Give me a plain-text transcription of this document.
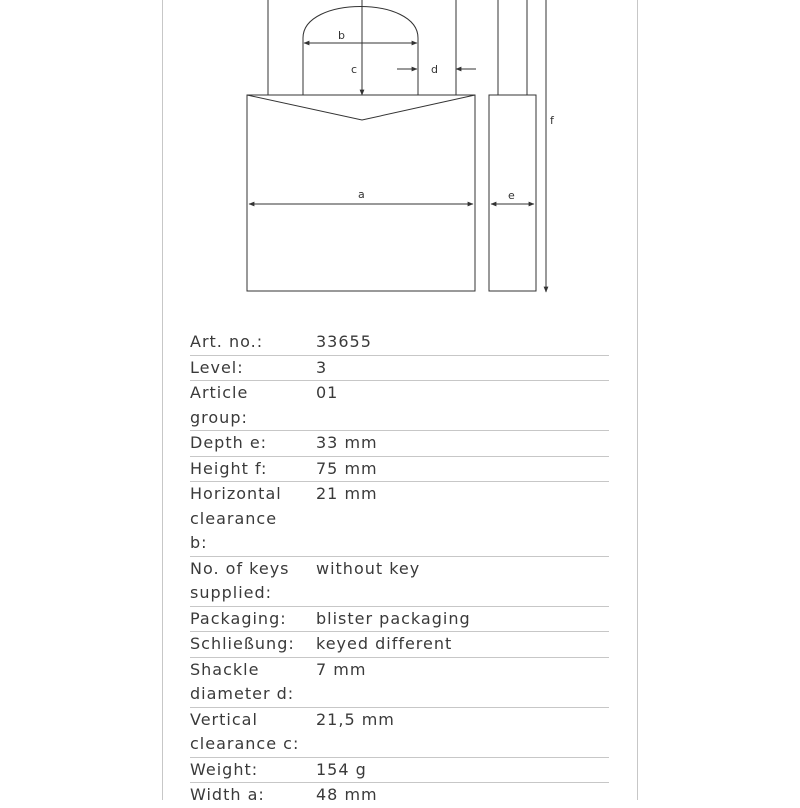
b
c	d
a	e
f
Art. no.:	33655
Level:	3
Article
group:	01
Depth e:	33 mm
Height f:	75 mm
Horizontal
clearance
b:	21 mm
No. of keys
supplied:	without key
Packaging:	blister packaging
Schließung:	keyed different
Shackle
diameter d:	7 mm
Vertical
clearance c:	21,5 mm
Weight:	154 g
Width a:	48 mm
